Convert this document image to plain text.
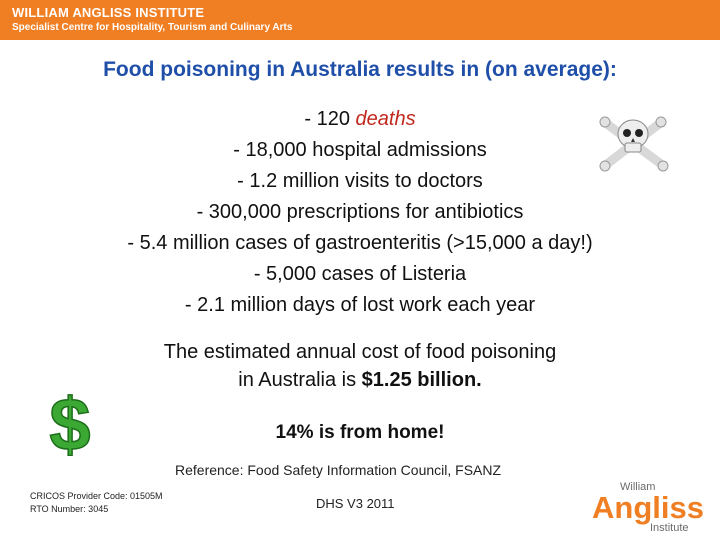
WILLIAM ANGLISS INSTITUTE
Specialist Centre for Hospitality, Tourism and Culinary Arts
Food poisoning in Australia results in (on average):
- 120 deaths
- 18,000 hospital admissions
- 1.2 million visits to doctors
- 300,000 prescriptions for antibiotics
- 5.4 million cases of gastroenteritis (>15,000 a day!)
- 5,000 cases of Listeria
- 2.1 million days of lost work each year
The estimated annual cost of food poisoning
in Australia is $1.25 billion.
$	14% is from home!
Reference: Food Safety Information Council, FSANZ
CRICOS Provider Code: 01505M
RTO Number: 3045	DHS V3 2011
William
Angliss
Institute
